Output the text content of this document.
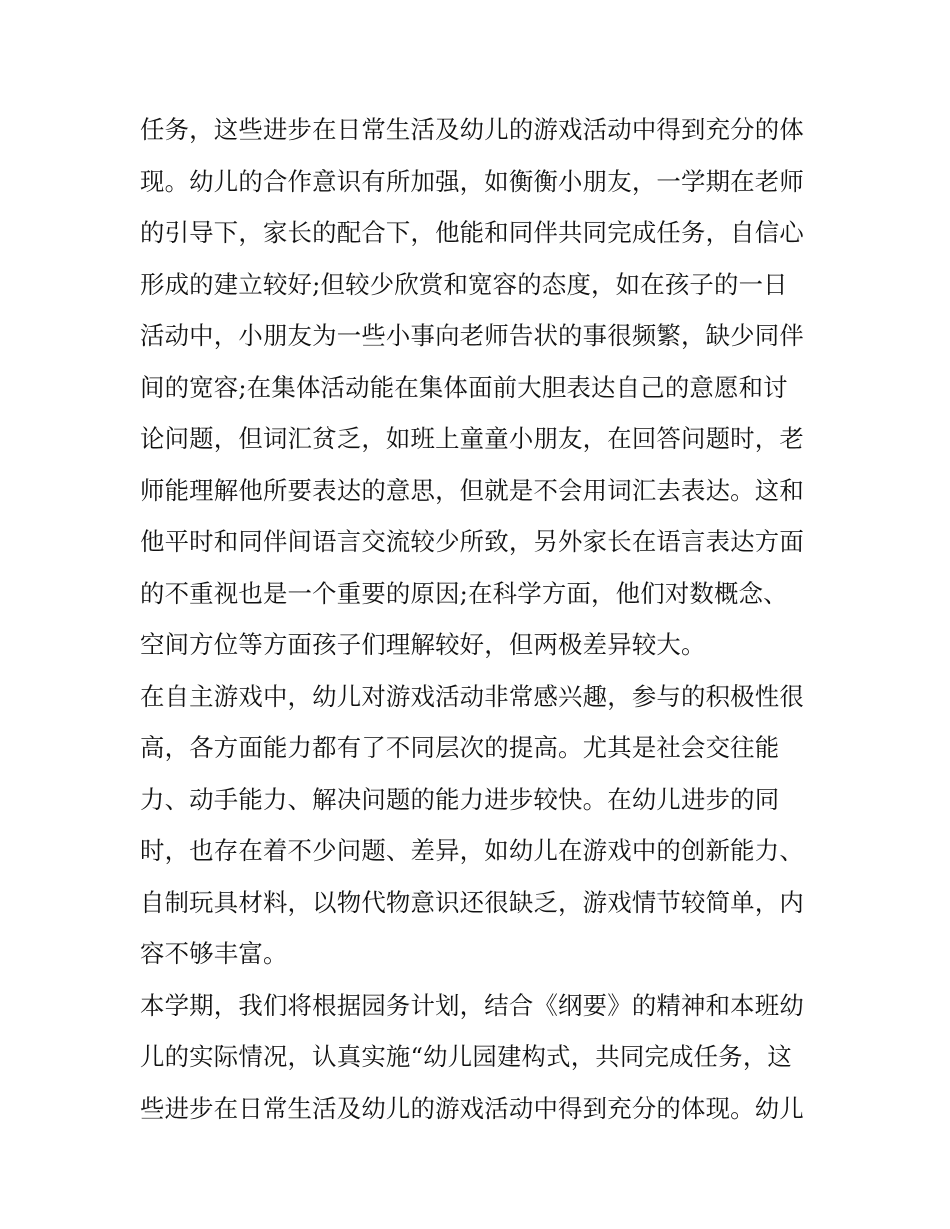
任务，这些进步在日常生活及幼儿的游戏活动中得到充分的体
现。幼儿的合作意识有所加强，如衡衡小朋友，一学期在老师
的引导下，家长的配合下，他能和同伴共同完成任务，自信心
形成的建立较好;但较少欣赏和宽容的态度，如在孩子的一日
活动中，小朋友为一些小事向老师告状的事很频繁，缺少同伴
间的宽容;在集体活动能在集体面前大胆表达自己的意愿和讨
论问题，但词汇贫乏，如班上童童小朋友，在回答问题时，老
师能理解他所要表达的意思，但就是不会用词汇去表达。这和
他平时和同伴间语言交流较少所致，另外家长在语言表达方面
的不重视也是一个重要的原因;在科学方面，他们对数概念、
空间方位等方面孩子们理解较好，但两极差异较大。
在自主游戏中，幼儿对游戏活动非常感兴趣，参与的积极性很
高，各方面能力都有了不同层次的提高。尤其是社会交往能
力、动手能力、解决问题的能力进步较快。在幼儿进步的同
时，也存在着不少问题、差异，如幼儿在游戏中的创新能力、
自制玩具材料，以物代物意识还很缺乏，游戏情节较简单，内
容不够丰富。
本学期，我们将根据园务计划，结合《纲要》的精神和本班幼
儿的实际情况，认真实施“幼儿园建构式，共同完成任务，这
些进步在日常生活及幼儿的游戏活动中得到充分的体现。幼儿
